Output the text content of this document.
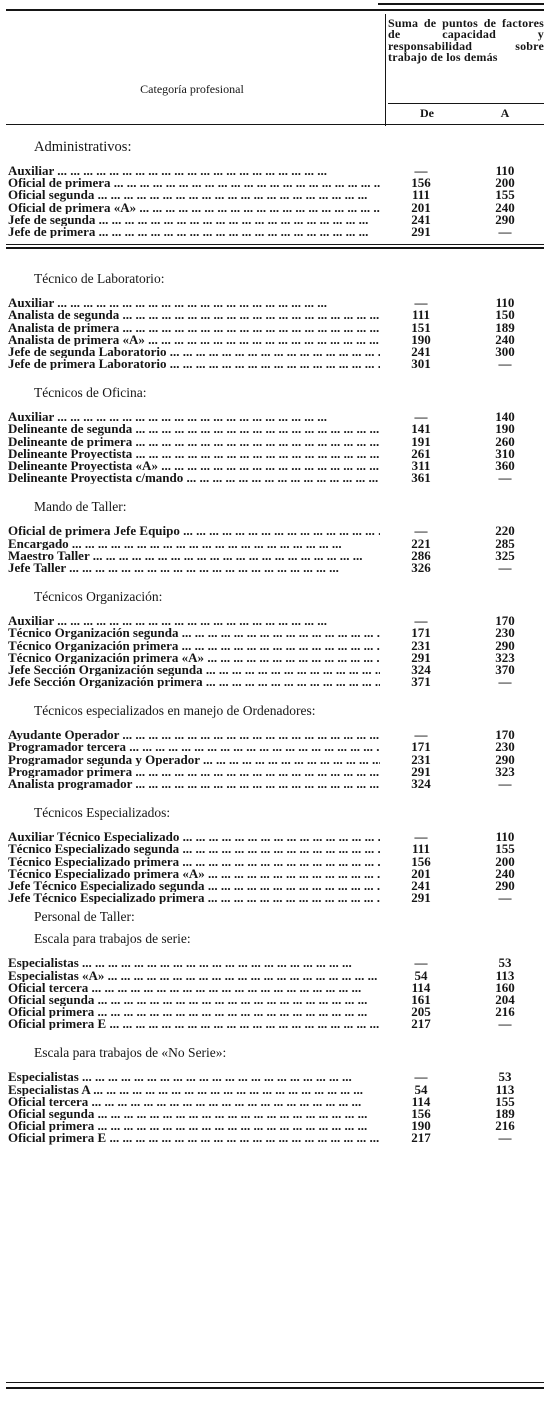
Categoría profesional
Suma de puntos de factores de capacidad y responsabilidad sobre trabajo de los demás
De	A
Administrativos:
Auxiliar ... .	—	110
Oficial de primera ... .	156	200
Oficial segunda ... .	111	155
Oficial de primera «A» ... .	201	240
Jefe de segunda ... .	241	290
Jefe de primera ... .	291	—
Técnico de Laboratorio:
Auxiliar ... .	—	110
Analista de segunda ... .	111	150
Analista de primera ... .	151	189
Analista de primera «A» ... .	190	240
Jefe de segunda Laboratorio ... .	241	300
Jefe de primera Laboratorio ... .	301	—
Técnicos de Oficina:
Auxiliar ... .	—	140
Delineante de segunda ... .	141	190
Delineante de primera ... .	191	260
Delineante Proyectista ... .	261	310
Delineante Proyectista «A» ... .	311	360
Delineante Proyectista c/mando ... .	361	—
Mando de Taller:
Oficial de primera Jefe Equipo ... .	—	220
Encargado ... .	221	285
Maestro Taller ... .	286	325
Jefe Taller ... .	326	—
Técnicos Organización:
Auxiliar ... .	—	170
Técnico Organización segunda ... .	171	230
Técnico Organización primera ... .	231	290
Técnico Organización primera «A» ... .	291	323
Jefe Sección Organización segunda ... .	324	370
Jefe Sección Organización primera ... .	371	—
Técnicos especializados en manejo de Ordenadores:
Ayudante Operador ... .	—	170
Programador tercera ... .	171	230
Programador segunda y Operador ... .	231	290
Programador primera ... .	291	323
Analista programador ... .	324	—
Técnicos Especializados:
Auxiliar Técnico Especializado ... .	—	110
Técnico Especializado segunda ... .	111	155
Técnico Especializado primera ... .	156	200
Técnico Especializado primera «A» ... .	201	240
Jefe Técnico Especializado segunda ... .	241	290
Jefe Técnico Especializado primera ... .	291	—
Personal de Taller:
Escala para trabajos de serie:
Especialistas ... .	—	53
Especialistas «A» ... .	54	113
Oficial tercera ... .	114	160
Oficial segunda ... .	161	204
Oficial primera ... .	205	216
Oficial primera E ... .	217	—
Escala para trabajos de «No Serie»:
Especialistas ... .	—	53
Especialistas A ... .	54	113
Oficial tercera ... .	114	155
Oficial segunda ... .	156	189
Oficial primera ... .	190	216
Oficial primera E ... .	217	—
